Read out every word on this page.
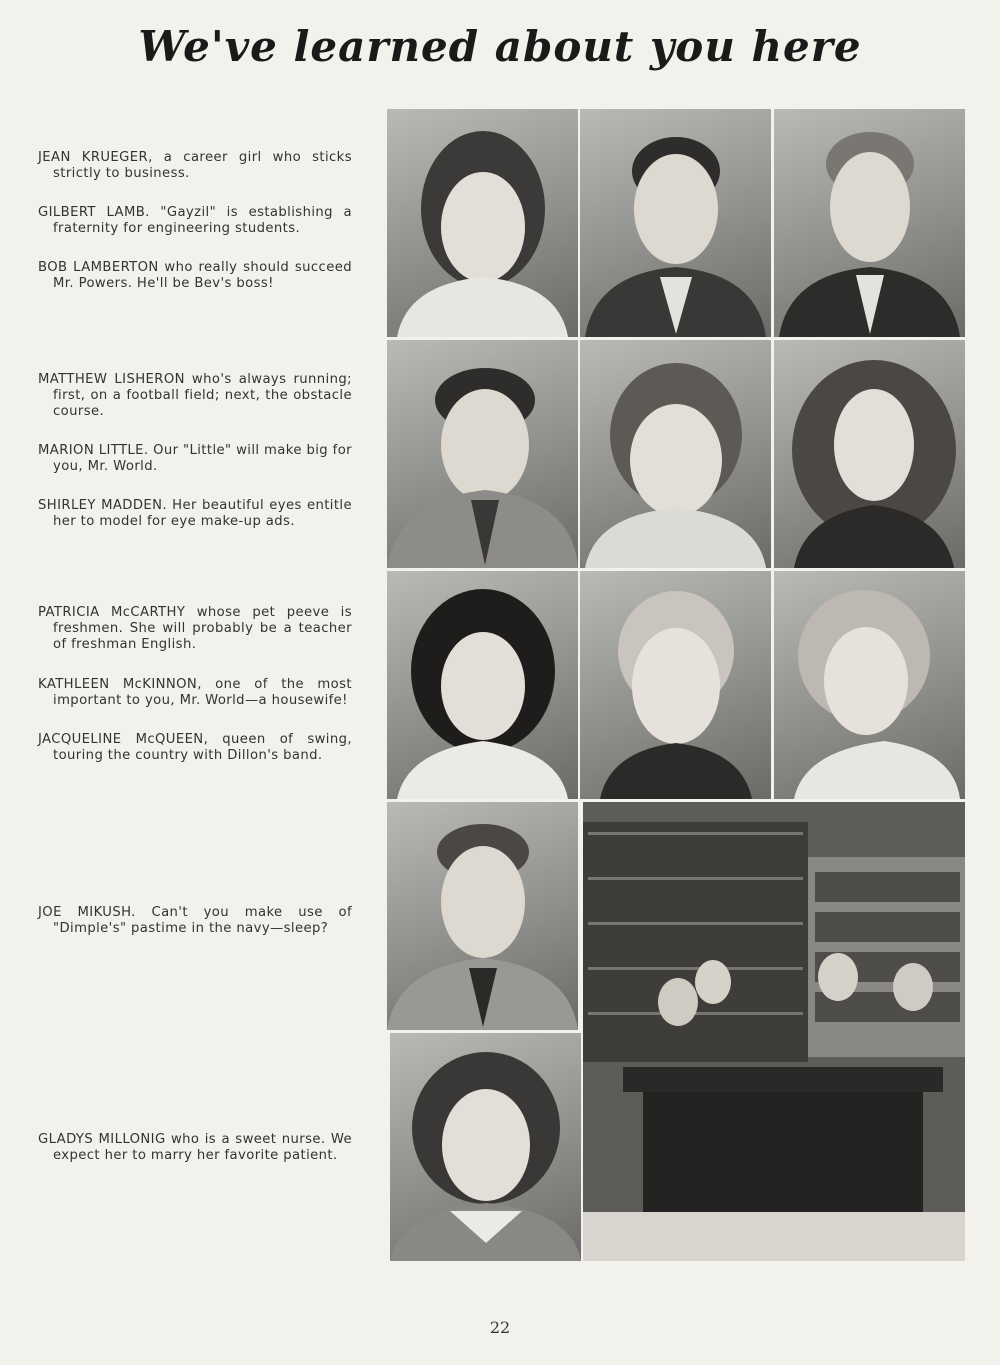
We've learned about you here
JEAN KRUEGER, a career girl who sticks strictly to business.
GILBERT LAMB. "Gayzil" is establishing a fraternity for engineering students.
BOB LAMBERTON who really should succeed Mr. Powers. He'll be Bev's boss!
MATTHEW LISHERON who's always running; first, on a football field; next, the obstacle course.
MARION LITTLE. Our "Little" will make big for you, Mr. World.
SHIRLEY MADDEN. Her beautiful eyes entitle her to model for eye make-up ads.
PATRICIA McCARTHY whose pet peeve is freshmen. She will probably be a teacher of freshman English.
KATHLEEN McKINNON, one of the most important to you, Mr. World—a housewife!
JACQUELINE McQUEEN, queen of swing, touring the country with Dillon's band.
JOE MIKUSH. Can't you make use of "Dimple's" pastime in the navy—sleep?
GLADYS MILLONIG who is a sweet nurse. We expect her to marry her favorite patient.
22
